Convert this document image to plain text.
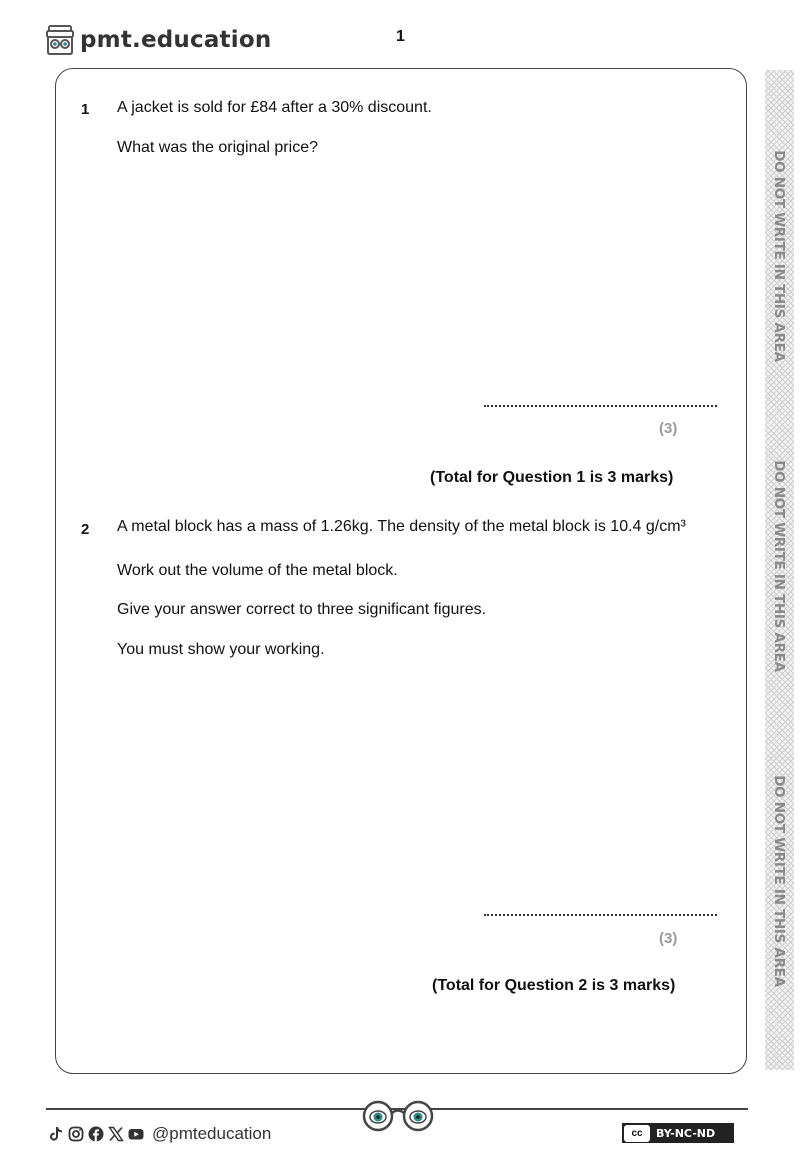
pmt.education	1
DO NOT WRITE IN THIS AREA
DO NOT WRITE IN THIS AREA
DO NOT WRITE IN THIS AREA
1 A jacket is sold for £84 after a 30% discount.
What was the original price?
(3)
(Total for Question 1 is 3 marks)
2 A metal block has a mass of 1.26kg. The density of the metal block is 10.4 g/cm³
Work out the volume of the metal block.
Give your answer correct to three significant figures.
You must show your working.
(3)
(Total for Question 2 is 3 marks)
@pmteducation	cc	BY-NC-ND
